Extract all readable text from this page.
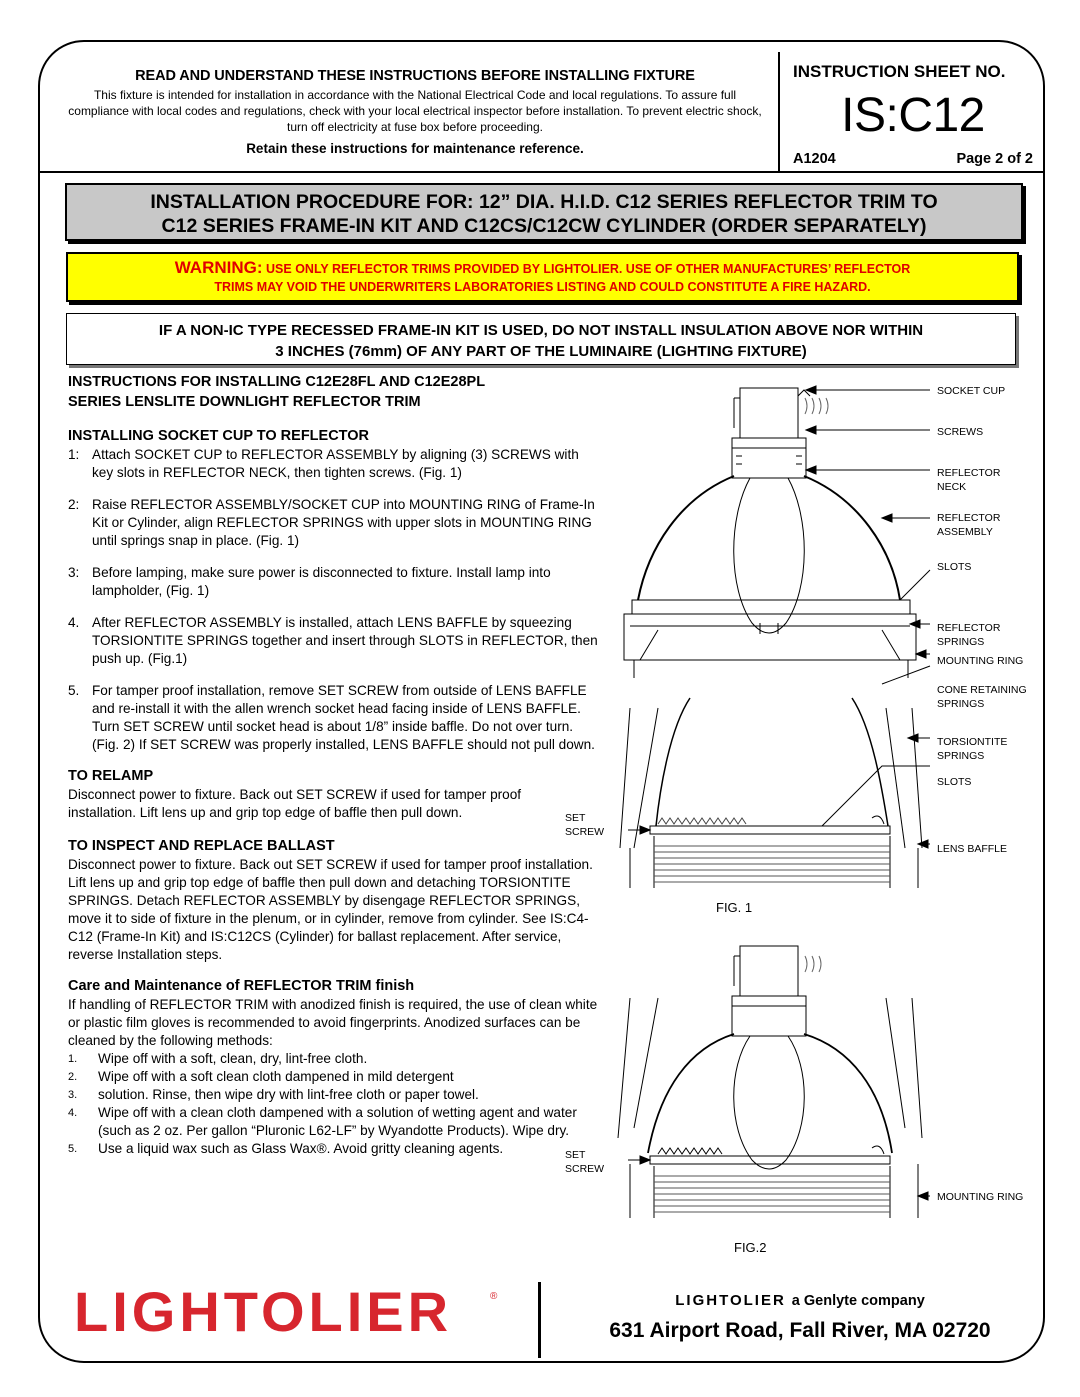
READ AND UNDERSTAND THESE INSTRUCTIONS BEFORE INSTALLING FIXTURE

This fixture is intended for installation in accordance with the National Electrical Code and local regulations. To assure full compliance with local codes and regulations, check with your local electrical inspector before installation. To prevent electric shock, turn off electricity at fuse box before proceeding.

Retain these instructions for maintenance reference.

INSTRUCTION SHEET NO.
IS:C12
A1204	Page 2 of 2
INSTALLATION PROCEDURE FOR: 12” DIA. H.I.D. C12 SERIES REFLECTOR TRIM TO
C12 SERIES FRAME-IN KIT AND C12CS/C12CW CYLINDER (ORDER SEPARATELY)
WARNING: USE ONLY REFLECTOR TRIMS PROVIDED BY LIGHTOLIER. USE OF OTHER MANUFACTURES’ REFLECTOR
TRIMS MAY VOID THE UNDERWRITERS LABORATORIES LISTING AND COULD CONSTITUTE A FIRE HAZARD.
IF A NON-IC TYPE RECESSED FRAME-IN KIT IS USED, DO NOT INSTALL INSULATION ABOVE NOR WITHIN
3 INCHES (76mm) OF ANY PART OF THE LUMINAIRE (LIGHTING FIXTURE)
INSTRUCTIONS FOR INSTALLING C12E28FL AND C12E28PL
SERIES LENSLITE DOWNLIGHT REFLECTOR TRIM
INSTALLING SOCKET CUP TO REFLECTOR
1: Attach SOCKET CUP to REFLECTOR ASSEMBLY by aligning (3) SCREWS with key slots in REFLECTOR NECK, then tighten screws. (Fig. 1)
2: Raise REFLECTOR ASSEMBLY/SOCKET CUP into MOUNTING RING of Frame-In Kit or Cylinder, align REFLECTOR SPRINGS with upper slots in MOUNTING RING until springs snap in place. (Fig. 1)
3: Before lamping, make sure power is disconnected to fixture. Install lamp into lampholder, (Fig. 1)
4. After REFLECTOR ASSEMBLY is installed, attach LENS BAFFLE by squeezing TORSIONTITE SPRINGS together and insert through SLOTS in REFLECTOR, then push up. (Fig.1)
5. For tamper proof installation, remove SET SCREW from outside of LENS BAFFLE and re-install it with the allen wrench socket head facing inside of LENS BAFFLE. Turn SET SCREW until socket head is about 1/8” inside baffle. Do not over turn. (Fig. 2) If SET SCREW was properly installed, LENS BAFFLE should not pull down.
TO RELAMP

Disconnect power to fixture. Back out SET SCREW if used for tamper proof installation. Lift lens up and grip top edge of baffle then pull down.

TO INSPECT AND REPLACE BALLAST

Disconnect power to fixture. Back out SET SCREW if used for tamper proof installation. Lift lens up and grip top edge of baffle then pull down and detaching TORSIONTITE SPRINGS. Detach REFLECTOR ASSEMBLY by disengage REFLECTOR SPRINGS, move it to side of fixture in the plenum, or in cylinder, remove from cylinder. See IS:C4-C12 (Frame-In Kit) and IS:C12CS (Cylinder) for ballast replacement. After service, reverse Installation steps.

Care and Maintenance of REFLECTOR TRIM finish

If handling of REFLECTOR TRIM with anodized finish is required, the use of clean white or plastic film gloves is recommended to avoid fingerprints. Anodized surfaces can be cleaned by the following methods:

1. Wipe off with a soft, clean, dry, lint-free cloth.
2. Wipe off with a soft clean cloth dampened in mild detergent
3. solution. Rinse, then wipe dry with lint-free cloth or paper towel.
4. Wipe off with a clean cloth dampened with a solution of wetting agent and water (such as 2 oz. Per gallon “Pluronic L62-LF” by Wyandotte Products). Wipe dry.
5. Use a liquid wax such as Glass Wax®. Avoid gritty cleaning agents.
SOCKET CUP
SCREWS
REFLECTOR
NECK
REFLECTOR
ASSEMBLY
SLOTS
REFLECTOR
SPRINGS
MOUNTING RING
CONE RETAINING
SPRINGS
TORSIONTITE
SPRINGS
SLOTS
SET
SCREW
LENS BAFFLE
FIG. 1
SET
SCREW
MOUNTING RING
FIG.2
LIGHTOLIER	®	LIGHTOLIER a Genlyte company
631 Airport Road, Fall River, MA 02720
